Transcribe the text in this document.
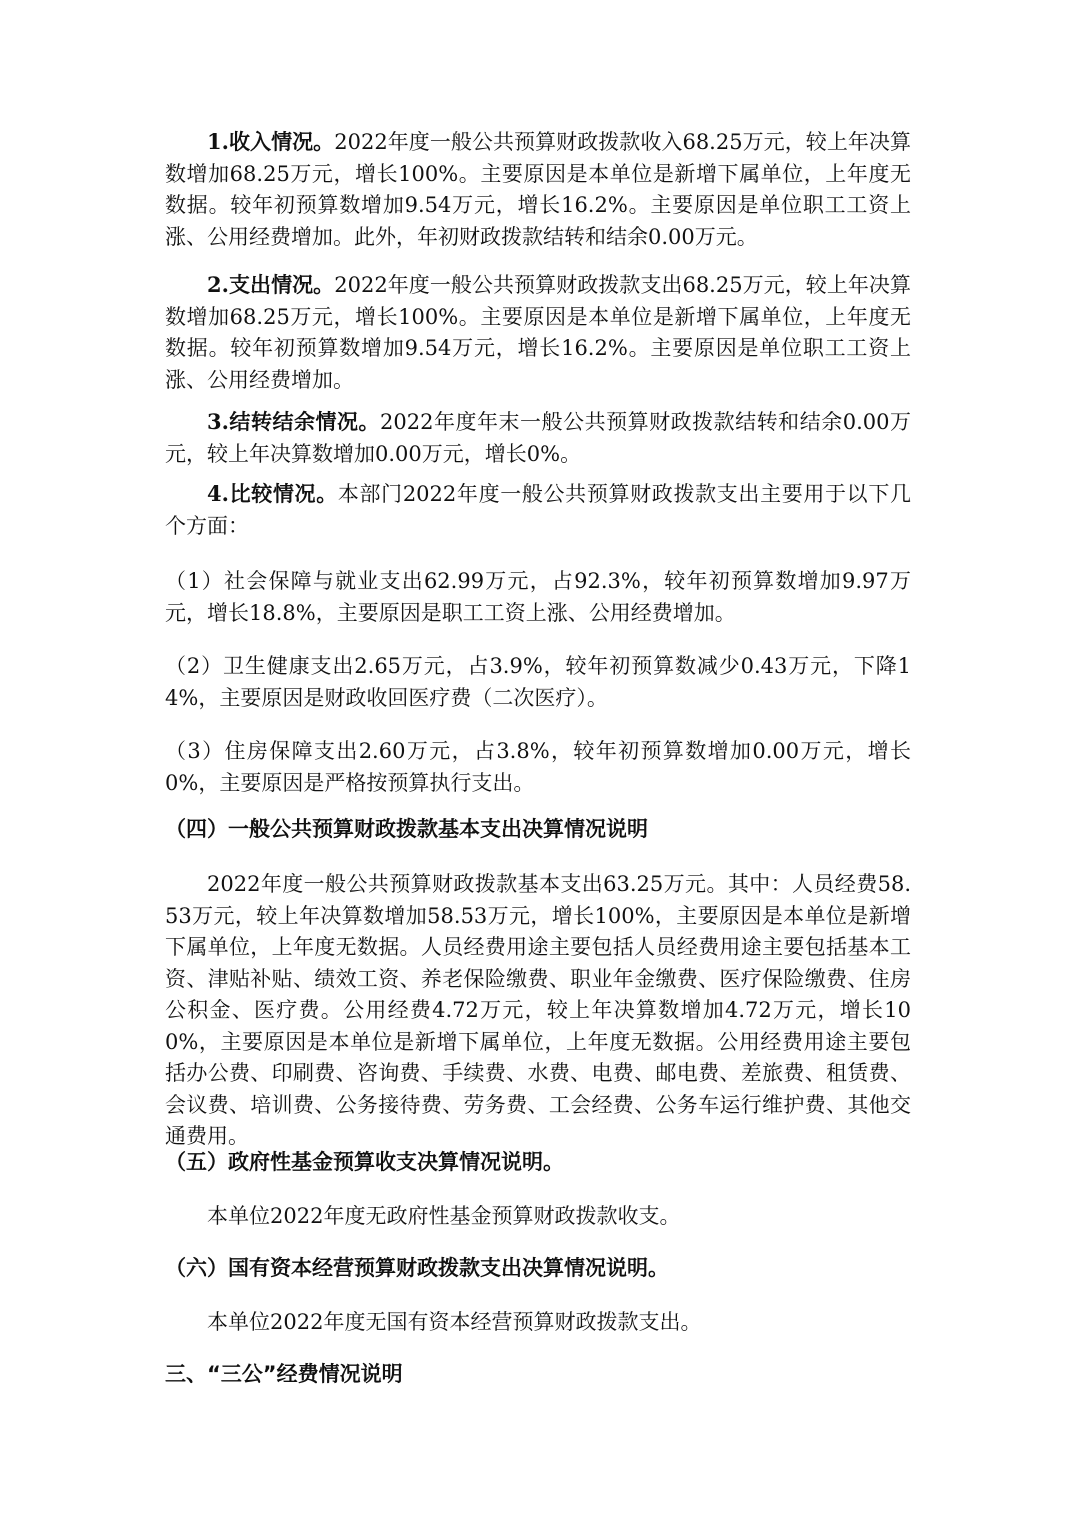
1.收入情况。2022年度一般公共预算财政拨款收入68.25万元，较上年决算数增加68.25万元，增长100%。主要原因是本单位是新增下属单位，上年度无数据。较年初预算数增加9.54万元，增长16.2%。主要原因是单位职工工资上涨、公用经费增加。此外，年初财政拨款结转和结余0.00万元。

2.支出情况。2022年度一般公共预算财政拨款支出68.25万元，较上年决算数增加68.25万元，增长100%。主要原因是本单位是新增下属单位，上年度无数据。较年初预算数增加9.54万元，增长16.2%。主要原因是单位职工工资上涨、公用经费增加。

3.结转结余情况。2022年度年末一般公共预算财政拨款结转和结余0.00万元，较上年决算数增加0.00万元，增长0%。

4.比较情况。本部门2022年度一般公共预算财政拨款支出主要用于以下几个方面：

（1）社会保障与就业支出62.99万元，占92.3%，较年初预算数增加9.97万元，增长18.8%，主要原因是职工工资上涨、公用经费增加。

（2）卫生健康支出2.65万元，占3.9%，较年初预算数减少0.43万元，下降14%，主要原因是财政收回医疗费（二次医疗）。

（3）住房保障支出2.60万元，占3.8%，较年初预算数增加0.00万元，增长0%，主要原因是严格按预算执行支出。

（四）一般公共预算财政拨款基本支出决算情况说明

2022年度一般公共预算财政拨款基本支出63.25万元。其中：人员经费58.53万元，较上年决算数增加58.53万元，增长100%，主要原因是本单位是新增下属单位，上年度无数据。人员经费用途主要包括人员经费用途主要包括基本工资、津贴补贴、绩效工资、养老保险缴费、职业年金缴费、医疗保险缴费、住房公积金、医疗费。公用经费4.72万元，较上年决算数增加4.72万元，增长100%，主要原因是本单位是新增下属单位，上年度无数据。公用经费用途主要包括办公费、印刷费、咨询费、手续费、水费、电费、邮电费、差旅费、租赁费、会议费、培训费、公务接待费、劳务费、工会经费、公务车运行维护费、其他交通费用。

（五）政府性基金预算收支决算情况说明。

本单位2022年度无政府性基金预算财政拨款收支。

（六）国有资本经营预算财政拨款支出决算情况说明。

本单位2022年度无国有资本经营预算财政拨款支出。

三、“三公”经费情况说明
